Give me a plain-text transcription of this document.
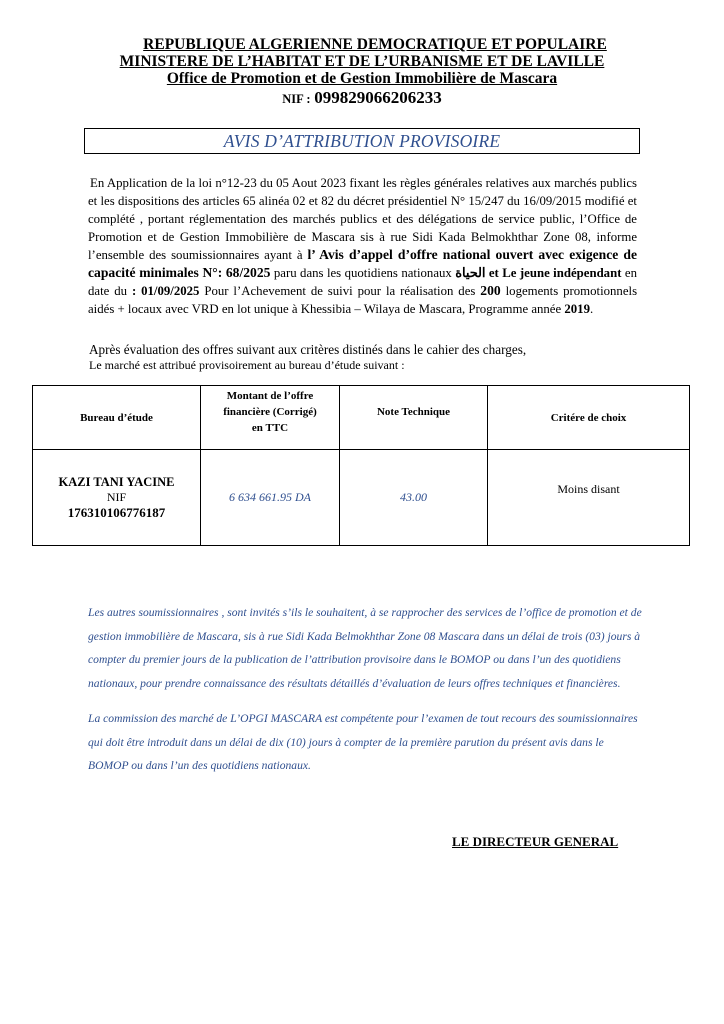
REPUBLIQUE ALGERIENNE DEMOCRATIQUE ET POPULAIRE
MINISTERE DE L’HABITAT ET DE L’URBANISME ET DE LAVILLE
Office de Promotion et de Gestion Immobilière de Mascara
NIF : 099829066206233
AVIS D’ATTRIBUTION PROVISOIRE

En Application de la loi n°12-23 du 05 Aout 2023 fixant les règles générales relatives aux marchés publics et les dispositions des articles 65 alinéa 02 et 82 du décret présidentiel N° 15/247 du 16/09/2015 modifié et complété , portant réglementation des marchés publics et des délégations de service public, l’Office de Promotion et de Gestion Immobilière de Mascara sis à rue Sidi Kada Belmokhthar Zone 08, informe l’ensemble des soumissionnaires ayant à l’ Avis d’appel d’offre national ouvert avec exigence de capacité minimales N°: 68/2025 paru dans les quotidiens nationaux الحياة et Le jeune indépendant en date du : 01/09/2025 Pour l’Achevement de suivi pour la réalisation des 200 logements promotionnels aidés + locaux avec VRD en lot unique à Khessibia – Wilaya de Mascara, Programme année 2019.

Après évaluation des offres suivant aux critères distinés dans le cahier des charges,
Le marché est attribué provisoirement au bureau d’étude suivant :
Bureau d’étude	Montant de l’offre
financière (Corrigé)
en TTC	Note Technique	Critére de choix

KAZI TANI YACINE
NIF
176310106776187	6 634 661.95 DA	43.00	Moins disant

Les autres soumissionnaires , sont invités s’ils le souhaitent, à se rapprocher des services de l’office de promotion et de gestion immobilière de Mascara, sis à rue Sidi Kada Belmokhthar Zone 08 Mascara dans un délai de trois (03) jours à compter du premier jours de la publication de l’attribution provisoire dans le BOMOP ou dans l’un des quotidiens nationaux, pour prendre connaissance des résultats détaillés d’évaluation de leurs offres techniques et financières.

La commission des marché de L’OPGI MASCARA est compétente pour l’examen de tout recours des soumissionnaires qui doit être introduit dans un délai de dix (10) jours à compter de la première parution du présent avis dans le BOMOP ou dans l’un des quotidiens nationaux.

LE DIRECTEUR GENERAL
